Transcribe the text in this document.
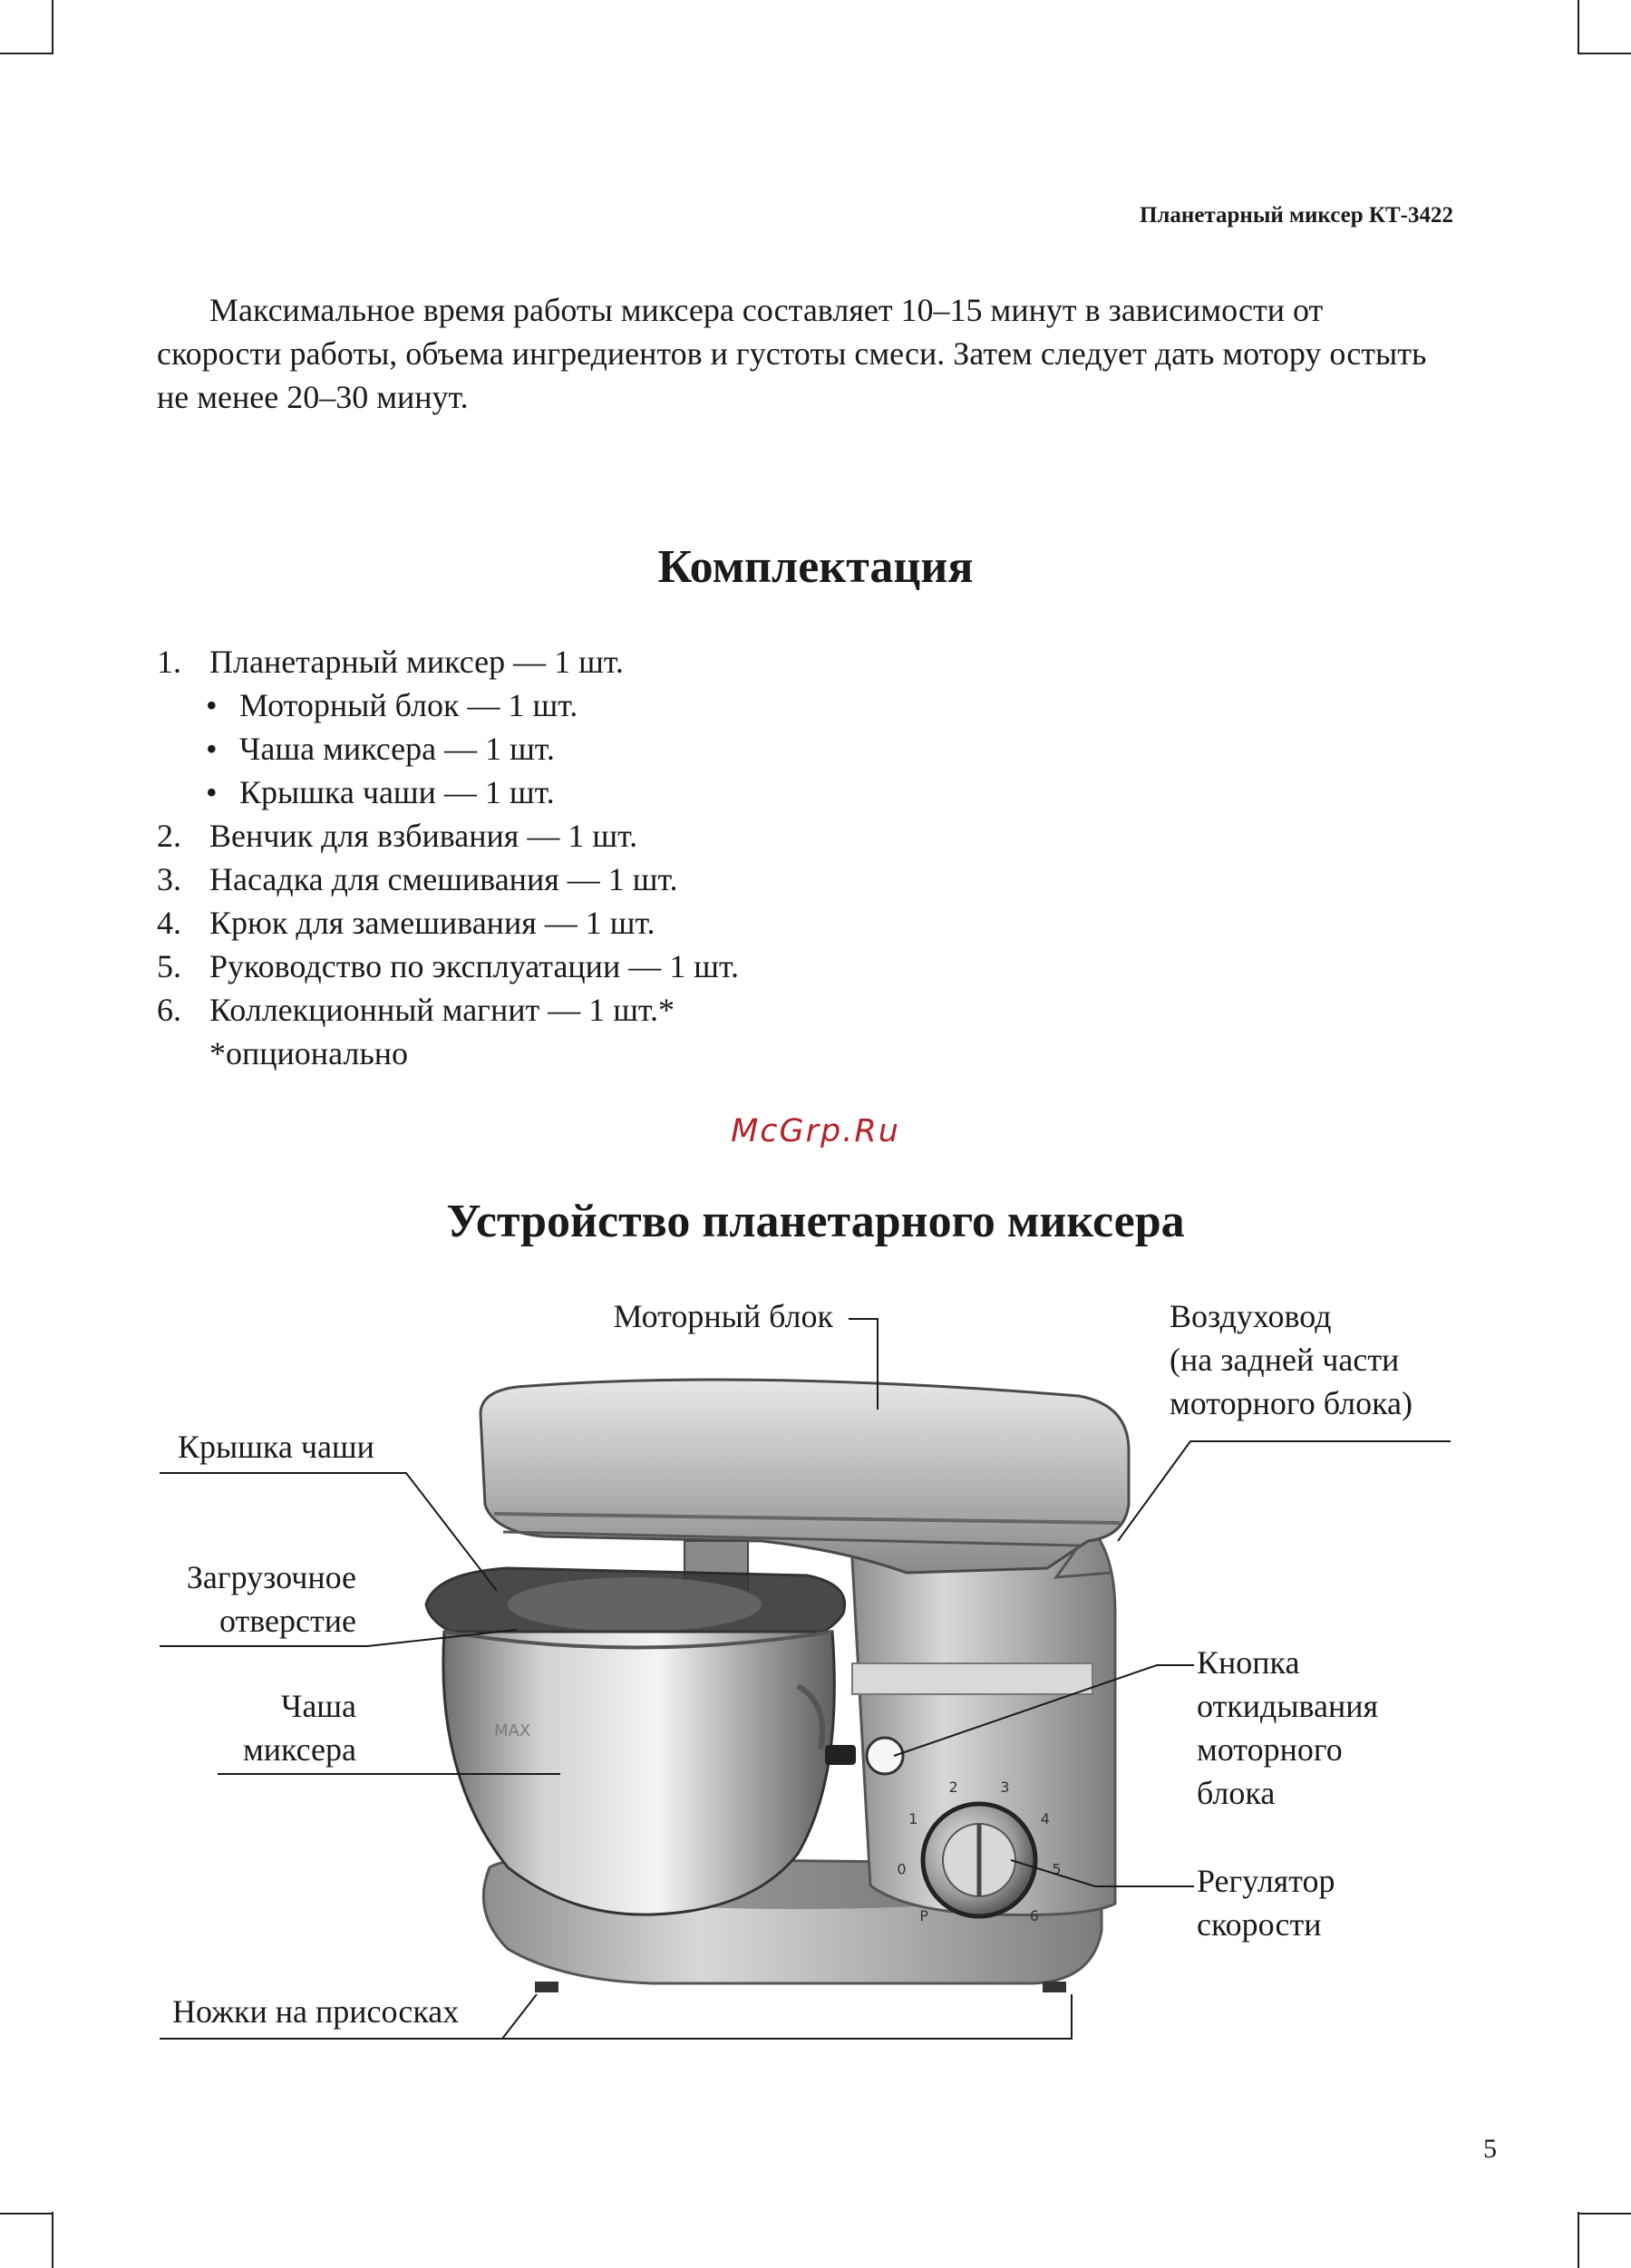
Планетарный миксер КТ-3422

Максимальное время работы миксера составляет 10–15 минут в зависимости от скорости работы, объема ингредиентов и густоты смеси. Затем следует дать мотору остыть не менее 20–30 минут.

Комплектация
1. Планетарный миксер — 1 шт.
• Моторный блок — 1 шт.
• Чаша миксера — 1 шт.
• Крышка чаши — 1 шт.
2. Венчик для взбивания — 1 шт.
3. Насадка для смешивания — 1 шт.
4. Крюк для замешивания — 1 шт.
5. Руководство по эксплуатации — 1 шт.
6. Коллекционный магнит — 1 шт.*
*опционально
McGrp.Ru
Устройство планетарного миксера
MAX
P
0
1
2	3
4
5
6
Моторный блок	Воздуховод
(на задней части
моторного блока)
Крышка чаши
Загрузочное
отверстие
Чаша
миксера
Кнопка
откидывания
моторного
блока
Регулятор
скорости
Ножки на присосках
5
